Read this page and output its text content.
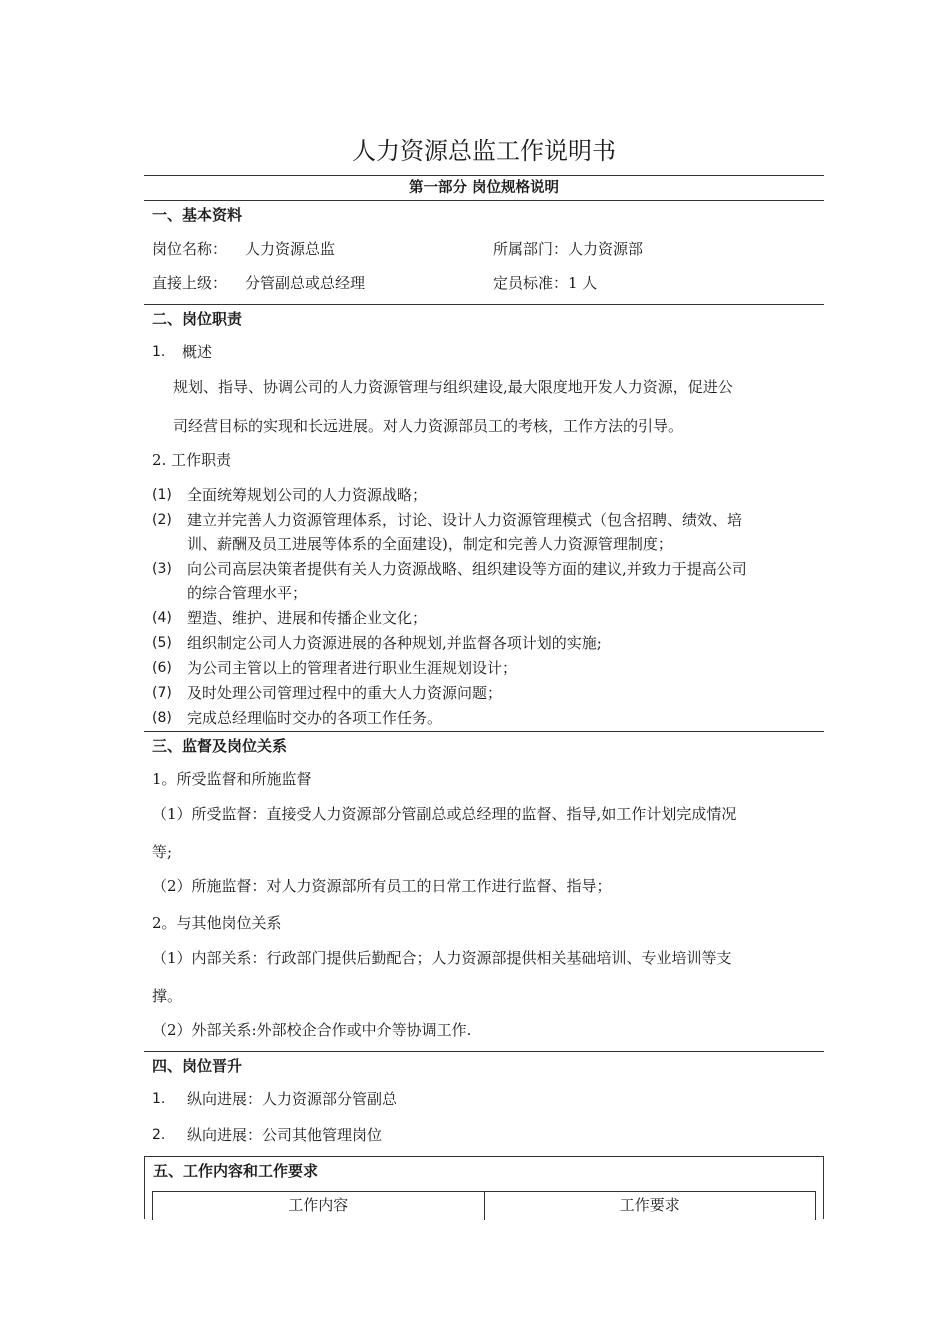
人力资源总监工作说明书
第一部分 岗位规格说明
一、基本资料
岗位名称： 人力资源总监	所属部门： 人力资源部
直接上级： 分管副总或总经理	定员标准： 1 人
二、岗位职责
1. 概述
规划、指导、协调公司的人力资源管理与组织建设,最大限度地开发人力资源，促进公
司经营目标的实现和长远进展。对人力资源部员工的考核，工作方法的引导。
2. 工作职责
(1) 全面统筹规划公司的人力资源战略；
(2) 建立并完善人力资源管理体系，讨论、设计人力资源管理模式（包含招聘、绩效、培
训、薪酬及员工进展等体系的全面建设)，制定和完善人力资源管理制度；
(3) 向公司高层决策者提供有关人力资源战略、组织建设等方面的建议,并致力于提高公司
的综合管理水平；
(4) 塑造、维护、进展和传播企业文化；
(5) 组织制定公司人力资源进展的各种规划,并监督各项计划的实施;
(6) 为公司主管以上的管理者进行职业生涯规划设计；
(7) 及时处理公司管理过程中的重大人力资源问题；
(8) 完成总经理临时交办的各项工作任务。
三、监督及岗位关系
1。所受监督和所施监督
（1）所受监督：直接受人力资源部分管副总或总经理的监督、指导,如工作计划完成情况
等;
（2）所施监督：对人力资源部所有员工的日常工作进行监督、指导；
2。与其他岗位关系
（1）内部关系：行政部门提供后勤配合；人力资源部提供相关基础培训、专业培训等支
撑。
（2）外部关系:外部校企合作或中介等协调工作.
四、岗位晋升
1. 纵向进展：人力资源部分管副总
2. 纵向进展：公司其他管理岗位
五、工作内容和工作要求
工作内容	工作要求
